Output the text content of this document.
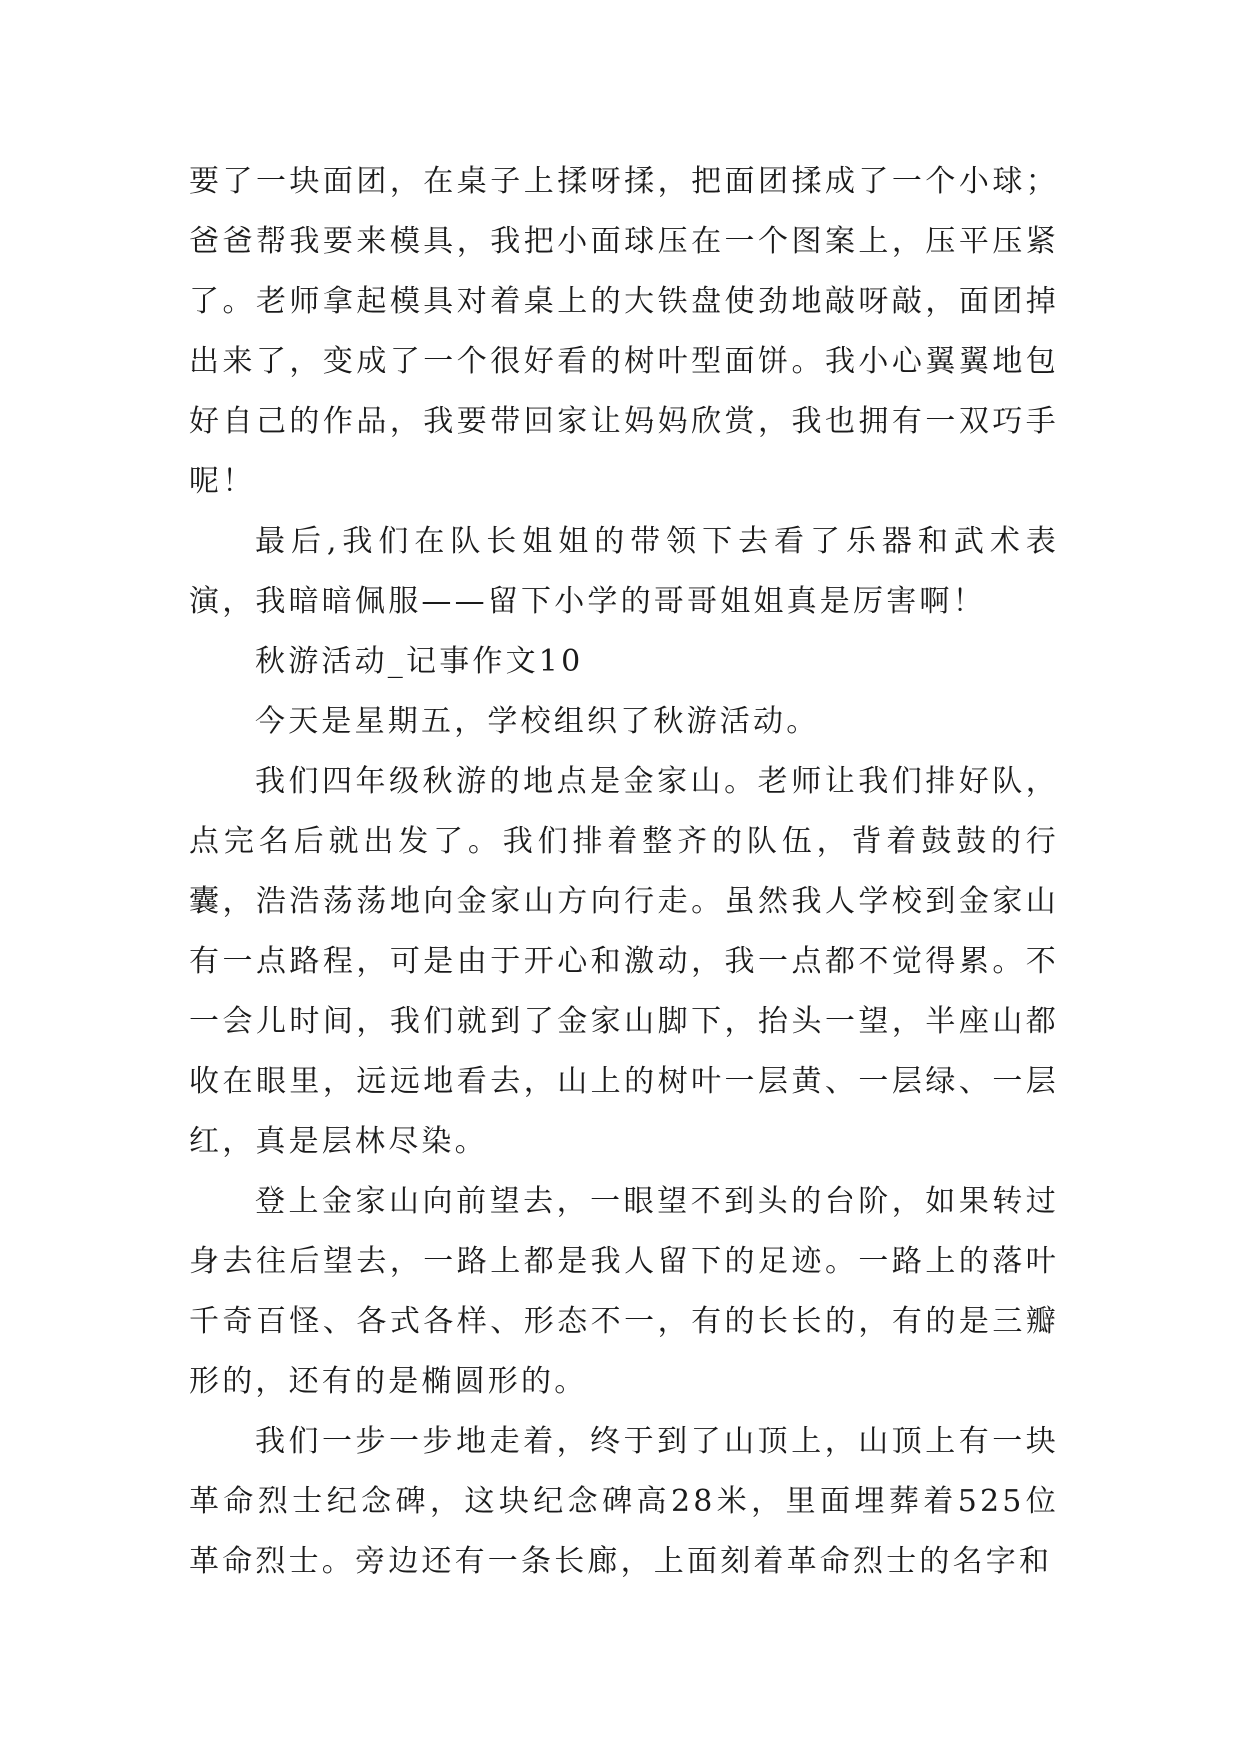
要了一块面团，在桌子上揉呀揉，把面团揉成了一个小球；爸爸帮我要来模具，我把小面球压在一个图案上，压平压紧了。老师拿起模具对着桌上的大铁盘使劲地敲呀敲，面团掉出来了，变成了一个很好看的树叶型面饼。我小心翼翼地包好自己的作品，我要带回家让妈妈欣赏，我也拥有一双巧手呢！

最后,我们在队长姐姐的带领下去看了乐器和武术表演，我暗暗佩服——留下小学的哥哥姐姐真是厉害啊！

秋游活动_记事作文10

今天是星期五，学校组织了秋游活动。

我们四年级秋游的地点是金家山。老师让我们排好队，点完名后就出发了。我们排着整齐的队伍，背着鼓鼓的行囊，浩浩荡荡地向金家山方向行走。虽然我人学校到金家山有一点路程，可是由于开心和激动，我一点都不觉得累。不一会儿时间，我们就到了金家山脚下，抬头一望，半座山都收在眼里，远远地看去，山上的树叶一层黄、一层绿、一层红，真是层林尽染。

登上金家山向前望去，一眼望不到头的台阶，如果转过身去往后望去，一路上都是我人留下的足迹。一路上的落叶千奇百怪、各式各样、形态不一，有的长长的，有的是三瓣形的，还有的是椭圆形的。

我们一步一步地走着，终于到了山顶上，山顶上有一块革命烈士纪念碑，这块纪念碑高28米，里面埋葬着525位革命烈士。旁边还有一条长廊，上面刻着革命烈士的名字和
